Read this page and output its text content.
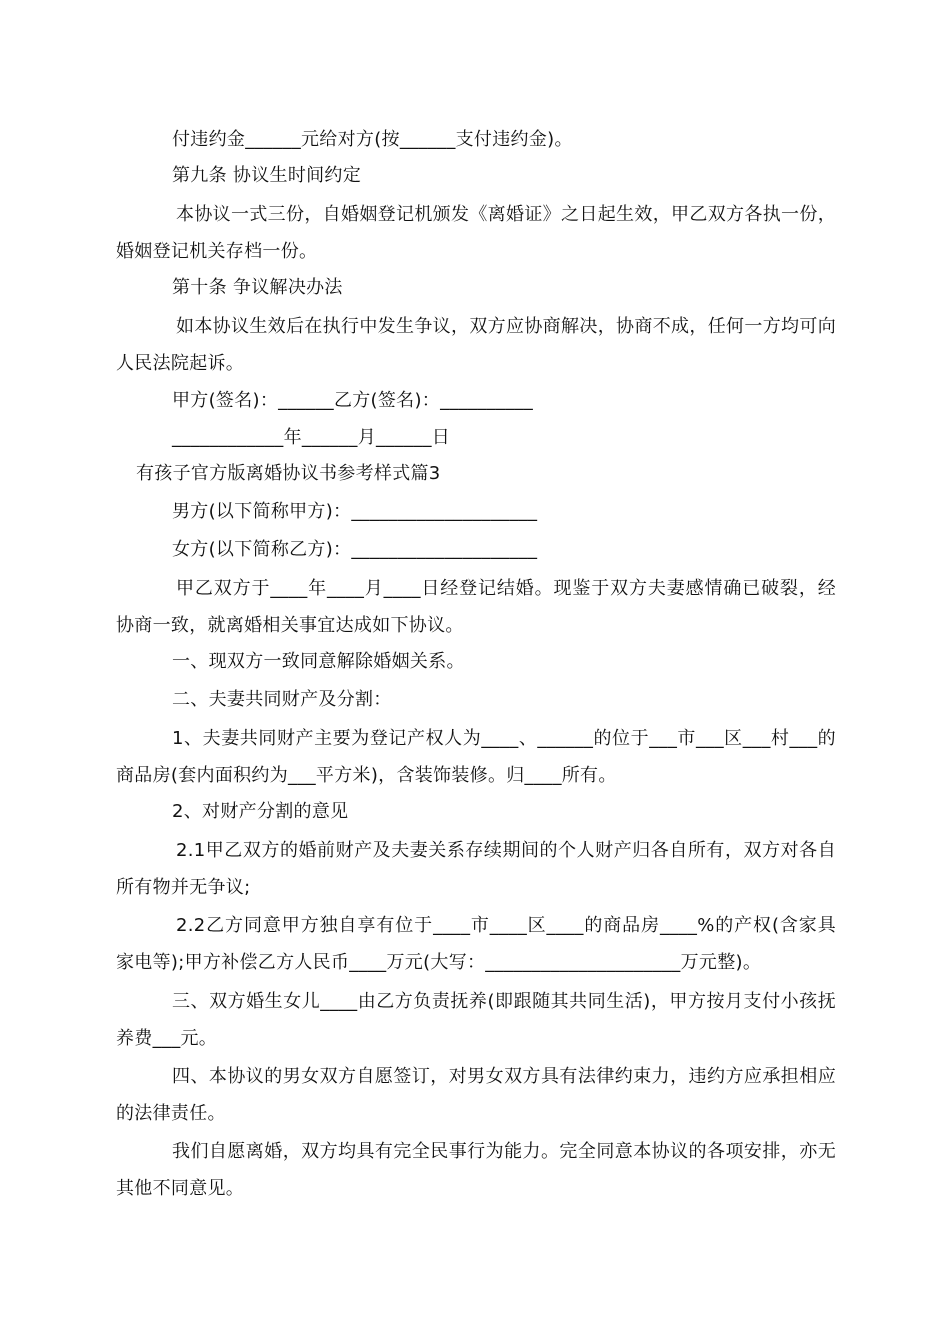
付违约金______元给对方(按______支付违约金)。
第九条 协议生时间约定
本协议一式三份，自婚姻登记机颁发《离婚证》之日起生效，甲乙双方各执一份，婚姻登记机关存档一份。
第十条 争议解决办法
如本协议生效后在执行中发生争议，双方应协商解决，协商不成，任何一方均可向人民法院起诉。
甲方(签名)：______乙方(签名)：__________
____________年______月______日
有孩子官方版离婚协议书参考样式篇3
男方(以下简称甲方)：____________________
女方(以下简称乙方)：____________________
甲乙双方于____年____月____日经登记结婚。现鉴于双方夫妻感情确已破裂，经协商一致，就离婚相关事宜达成如下协议。
一、现双方一致同意解除婚姻关系。
二、夫妻共同财产及分割：
1、夫妻共同财产主要为登记产权人为____、______的位于___市___区___村___的商品房(套内面积约为___平方米)，含装饰装修。归____所有。
2、对财产分割的意见
2.1甲乙双方的婚前财产及夫妻关系存续期间的个人财产归各自所有，双方对各自所有物并无争议;
2.2乙方同意甲方独自享有位于____市____区____的商品房____%的产权(含家具家电等);甲方补偿乙方人民币____万元(大写：_____________________万元整)。
三、双方婚生女儿____由乙方负责抚养(即跟随其共同生活)，甲方按月支付小孩抚养费___元。
四、本协议的男女双方自愿签订，对男女双方具有法律约束力，违约方应承担相应的法律责任。
我们自愿离婚，双方均具有完全民事行为能力。完全同意本协议的各项安排，亦无其他不同意见。
